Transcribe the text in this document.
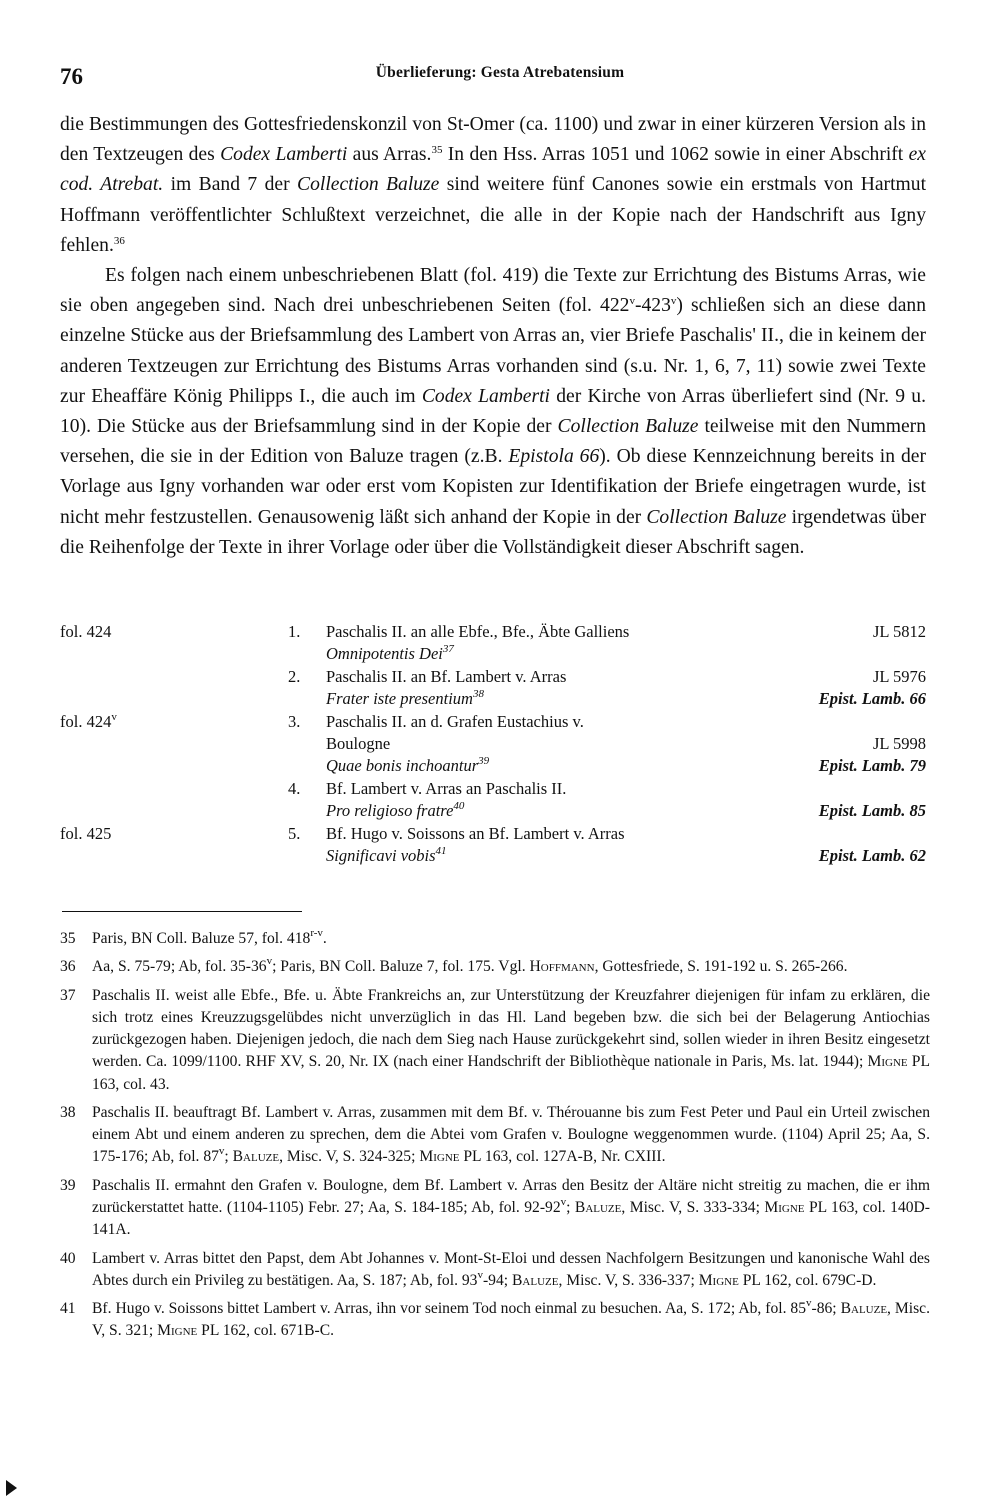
76	Überlieferung: Gesta Atrebatensium

die Bestimmungen des Gottesfriedenskonzil von St-Omer (ca. 1100) und zwar in einer kürzeren Version als in den Textzeugen des Codex Lamberti aus Arras.$^{35}$ In den Hss. Arras 1051 und 1062 sowie in einer Abschrift ex cod. Atrebat. im Band 7 der Collection Baluze sind weitere fünf Canones sowie ein erstmals von Hartmut Hoffmann veröffentlichter Schlußtext verzeichnet, die alle in der Kopie nach der Handschrift aus Igny fehlen.$^{36}$

Es folgen nach einem unbeschriebenen Blatt (fol. 419) die Texte zur Errichtung des Bistums Arras, wie sie oben angegeben sind. Nach drei unbeschriebenen Seiten (fol. 422$^v$-423$^v$) schließen sich an diese dann einzelne Stücke aus der Briefsammlung des Lambert von Arras an, vier Briefe Paschalis' II., die in keinem der anderen Textzeugen zur Errichtung des Bistums Arras vorhanden sind (s.u. Nr. 1, 6, 7, 11) sowie zwei Texte zur Eheaffäre König Philipps I., die auch im Codex Lamberti der Kirche von Arras überliefert sind (Nr. 9 u. 10). Die Stücke aus der Briefsammlung sind in der Kopie der Collection Baluze teilweise mit den Nummern versehen, die sie in der Edition von Baluze tragen (z.B. Epistola 66). Ob diese Kennzeichnung bereits in der Vorlage aus Igny vorhanden war oder erst vom Kopisten zur Identifikation der Briefe eingetragen wurde, ist nicht mehr festzustellen. Genausowenig läßt sich anhand der Kopie in der Collection Baluze irgendetwas über die Reihenfolge der Texte in ihrer Vorlage oder über die Vollständigkeit dieser Abschrift sagen.

fol. 424	1. Paschalis II. an alle Ebfe., Bfe., Äbte Galliens	JL 5812
Omnipotentis Dei$^{37}$
2. Paschalis II. an Bf. Lambert v. Arras	JL 5976
Frater iste presentium$^{38}$	Epist. Lamb. 66
fol. 424$^v$	3. Paschalis II. an d. Grafen Eustachius v.
Boulogne	JL 5998
Quae bonis inchoantur$^{39}$	Epist. Lamb. 79
4. Bf. Lambert v. Arras an Paschalis II.
Pro religioso fratre$^{40}$	Epist. Lamb. 85
fol. 425	5. Bf. Hugo v. Soissons an Bf. Lambert v. Arras
Significavi vobis$^{41}$	Epist. Lamb. 62
35 Paris, BN Coll. Baluze 57, fol. 418$^{r-v}$.
36 Aa, S. 75-79; Ab, fol. 35-36$^v$; Paris, BN Coll. Baluze 7, fol. 175. Vgl. Hoffmann, Gottesfriede, S. 191-192 u. S. 265-266.
37 Paschalis II. weist alle Ebfe., Bfe. u. Äbte Frankreichs an, zur Unterstützung der Kreuzfahrer diejenigen für infam zu erklären, die sich trotz eines Kreuzzugsgelübdes nicht unverzüglich in das Hl. Land begeben bzw. die sich bei der Belagerung Antiochias zurückgezogen haben. Diejenigen jedoch, die nach dem Sieg nach Hause zurückgekehrt sind, sollen wieder in ihren Besitz eingesetzt werden. Ca. 1099/1100. RHF XV, S. 20, Nr. IX (nach einer Handschrift der Bibliothèque nationale in Paris, Ms. lat. 1944); Migne PL 163, col. 43.
38 Paschalis II. beauftragt Bf. Lambert v. Arras, zusammen mit dem Bf. v. Thérouanne bis zum Fest Peter und Paul ein Urteil zwischen einem Abt und einem anderen zu sprechen, dem die Abtei vom Grafen v. Boulogne weggenommen wurde. (1104) April 25; Aa, S. 175-176; Ab, fol. 87$^v$; Baluze, Misc. V, S. 324-325; Migne PL 163, col. 127A-B, Nr. CXIII.
39 Paschalis II. ermahnt den Grafen v. Boulogne, dem Bf. Lambert v. Arras den Besitz der Altäre nicht streitig zu machen, die er ihm zurückerstattet hatte. (1104-1105) Febr. 27; Aa, S. 184-185; Ab, fol. 92-92$^v$; Baluze, Misc. V, S. 333-334; Migne PL 163, col. 140D-141A.
40 Lambert v. Arras bittet den Papst, dem Abt Johannes v. Mont-St-Eloi und dessen Nachfolgern Besitzungen und kanonische Wahl des Abtes durch ein Privileg zu bestätigen. Aa, S. 187; Ab, fol. 93$^v$-94; Baluze, Misc. V, S. 336-337; Migne PL 162, col. 679C-D.
41 Bf. Hugo v. Soissons bittet Lambert v. Arras, ihn vor seinem Tod noch einmal zu besuchen. Aa, S. 172; Ab, fol. 85$^v$-86; Baluze, Misc. V, S. 321; Migne PL 162, col. 671B-C.
